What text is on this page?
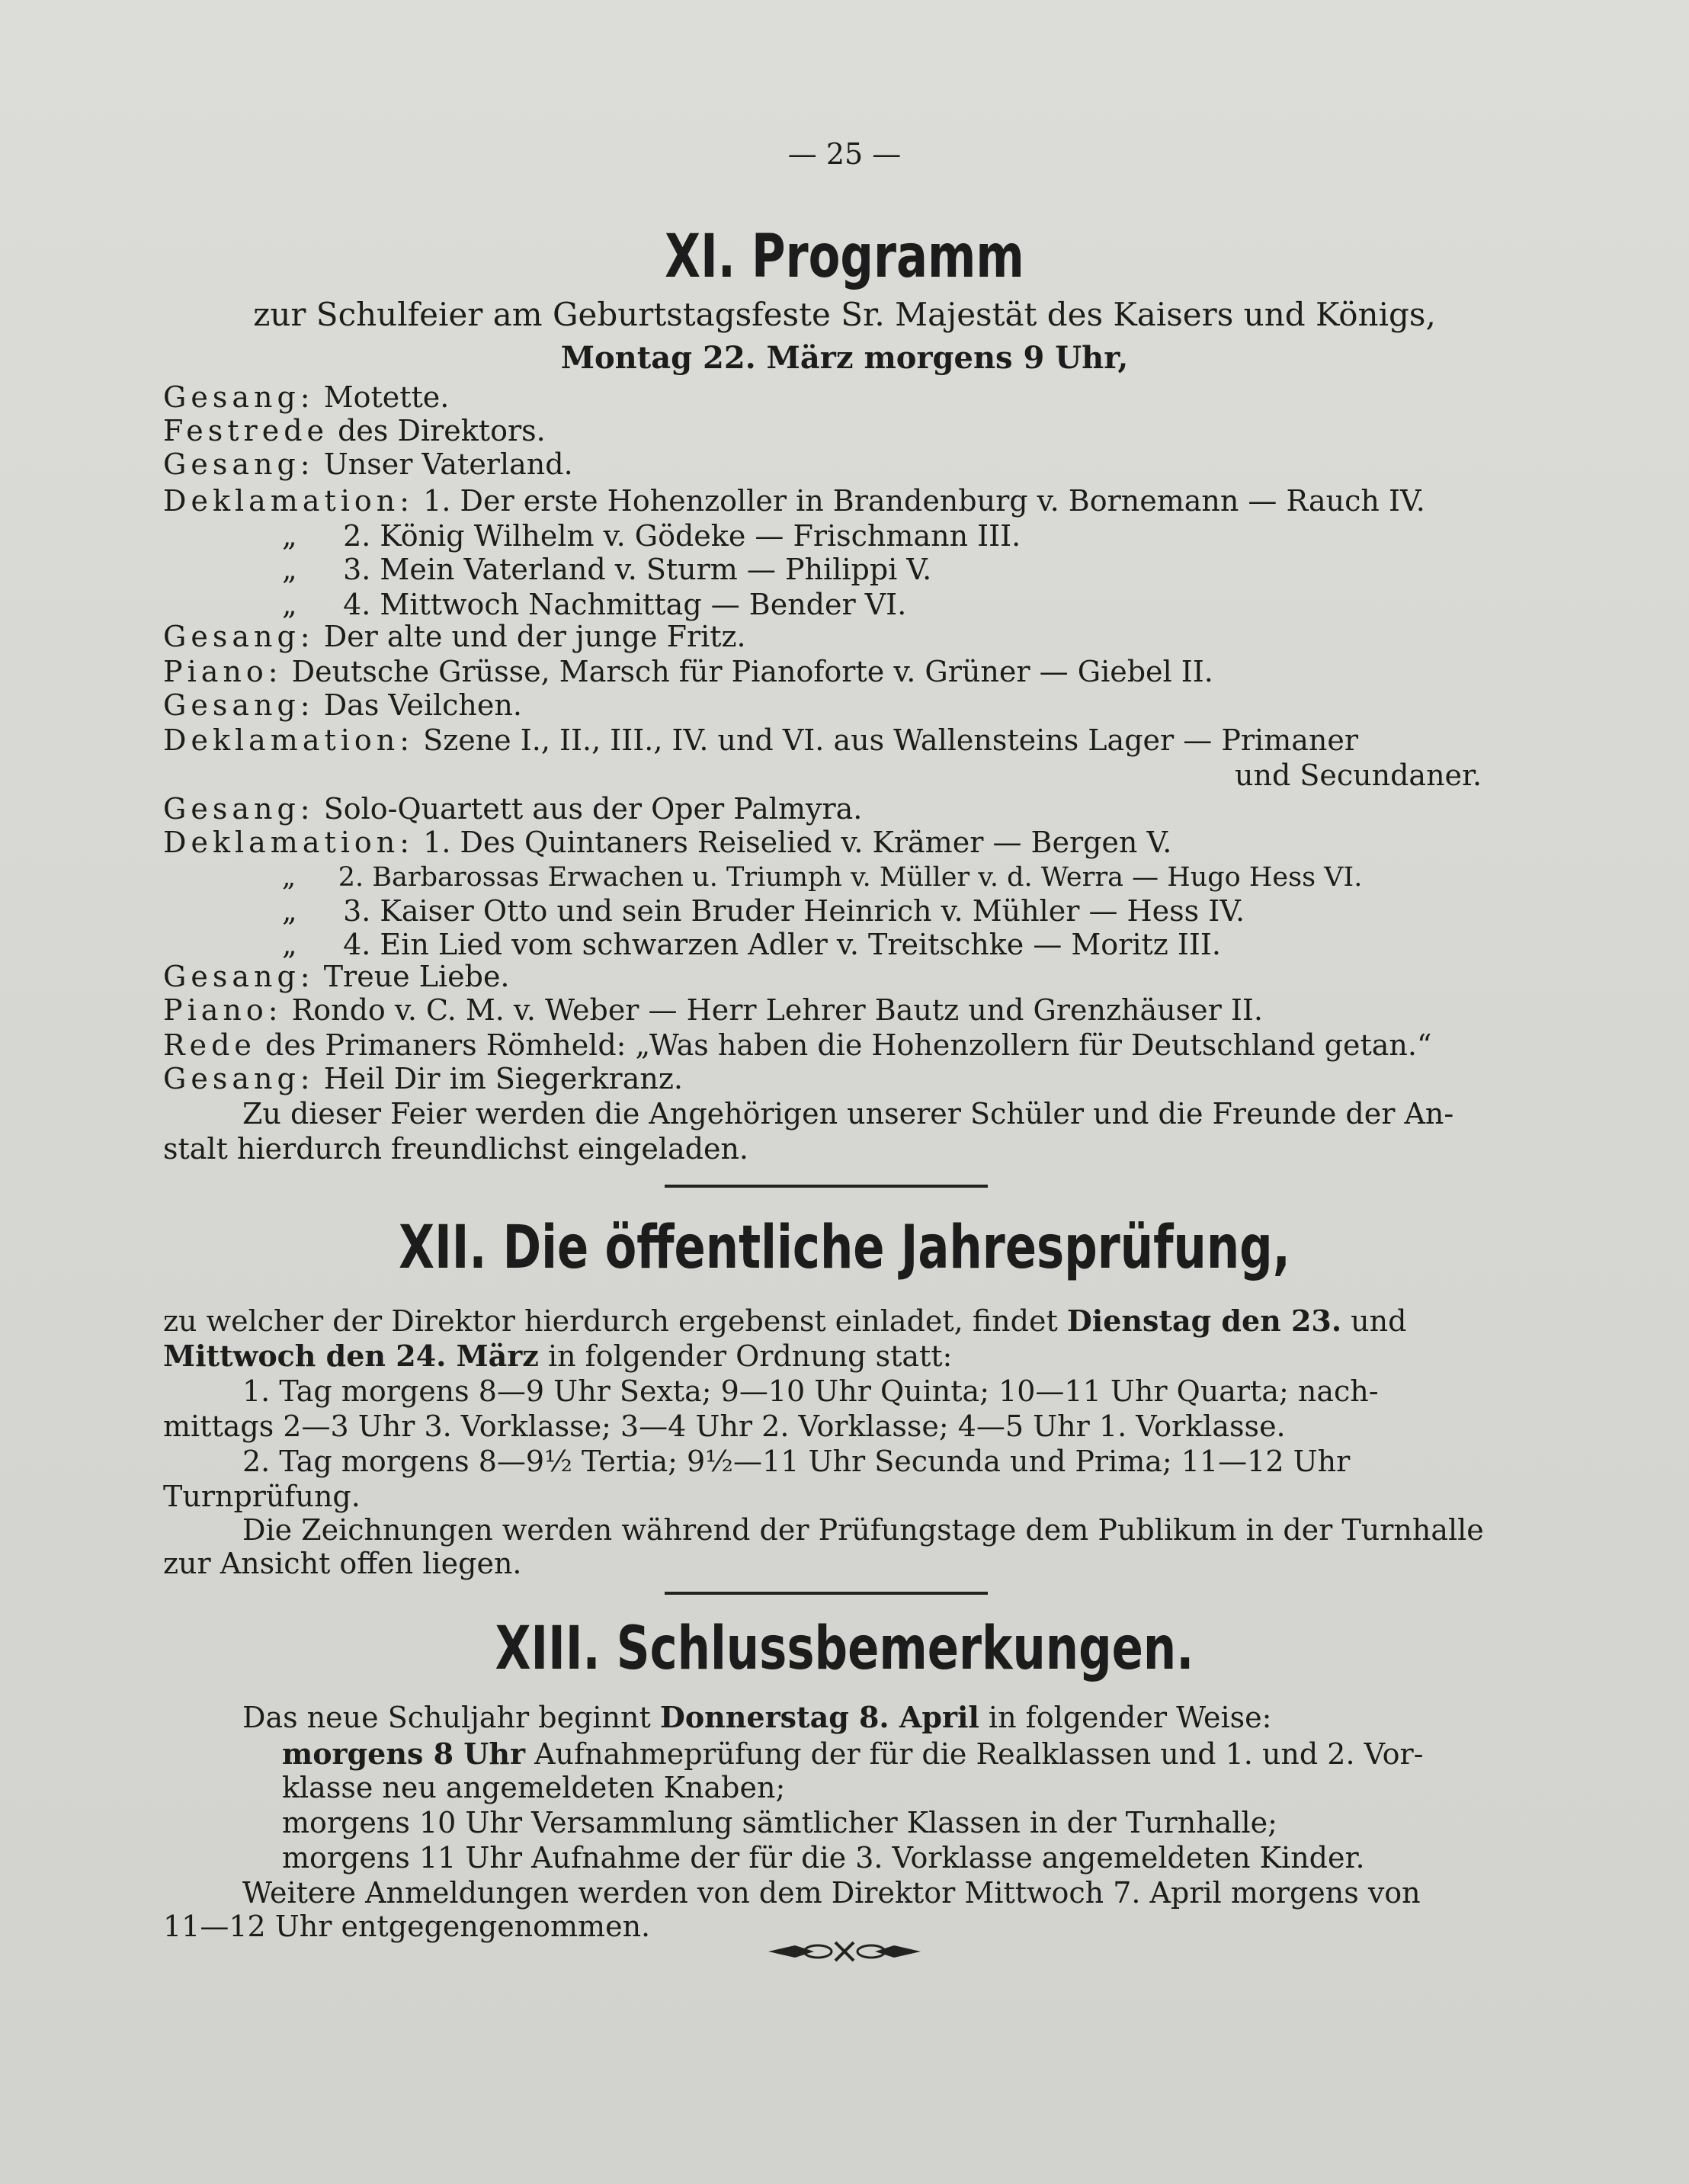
— 25 —
XI. Programm
zur Schulfeier am Geburtstagsfeste Sr. Majestät des Kaisers und Königs,
Montag 22. März morgens 9 Uhr,
Gesang: Motette.
Festrede des Direktors.
Gesang: Unser Vaterland.
Deklamation: 1. Der erste Hohenzoller in Brandenburg v. Bornemann — Rauch IV.
„ 2. König Wilhelm v. Gödeke — Frischmann III.
„ 3. Mein Vaterland v. Sturm — Philippi V.
„ 4. Mittwoch Nachmittag — Bender VI.
Gesang: Der alte und der junge Fritz.
Piano: Deutsche Grüsse, Marsch für Pianoforte v. Grüner — Giebel II.
Gesang: Das Veilchen.
Deklamation: Szene I., II., III., IV. und VI. aus Wallensteins Lager — Primaner
und Secundaner.
Gesang: Solo-Quartett aus der Oper Palmyra.
Deklamation: 1. Des Quintaners Reiselied v. Krämer — Bergen V.
„ 2. Barbarossas Erwachen u. Triumph v. Müller v. d. Werra — Hugo Hess VI.
„ 3. Kaiser Otto und sein Bruder Heinrich v. Mühler — Hess IV.
„ 4. Ein Lied vom schwarzen Adler v. Treitschke — Moritz III.
Gesang: Treue Liebe.
Piano: Rondo v. C. M. v. Weber — Herr Lehrer Bautz und Grenzhäuser II.
Rede des Primaners Römheld: „Was haben die Hohenzollern für Deutschland getan.“
Gesang: Heil Dir im Siegerkranz.
Zu dieser Feier werden die Angehörigen unserer Schüler und die Freunde der An-
stalt hierdurch freundlichst eingeladen.
XII. Die öffentliche Jahresprüfung,
zu welcher der Direktor hierdurch ergebenst einladet, findet Dienstag den 23. und
Mittwoch den 24. März in folgender Ordnung statt:
1. Tag morgens 8—9 Uhr Sexta; 9—10 Uhr Quinta; 10—11 Uhr Quarta; nach-
mittags 2—3 Uhr 3. Vorklasse; 3—4 Uhr 2. Vorklasse; 4—5 Uhr 1. Vorklasse.
2. Tag morgens 8—9½ Tertia; 9½—11 Uhr Secunda und Prima; 11—12 Uhr
Turnprüfung.
Die Zeichnungen werden während der Prüfungstage dem Publikum in der Turnhalle
zur Ansicht offen liegen.
XIII. Schlussbemerkungen.
Das neue Schuljahr beginnt Donnerstag 8. April in folgender Weise:
morgens 8 Uhr Aufnahmeprüfung der für die Realklassen und 1. und 2. Vor-
klasse neu angemeldeten Knaben;
morgens 10 Uhr Versammlung sämtlicher Klassen in der Turnhalle;
morgens 11 Uhr Aufnahme der für die 3. Vorklasse angemeldeten Kinder.
Weitere Anmeldungen werden von dem Direktor Mittwoch 7. April morgens von
11—12 Uhr entgegengenommen.
